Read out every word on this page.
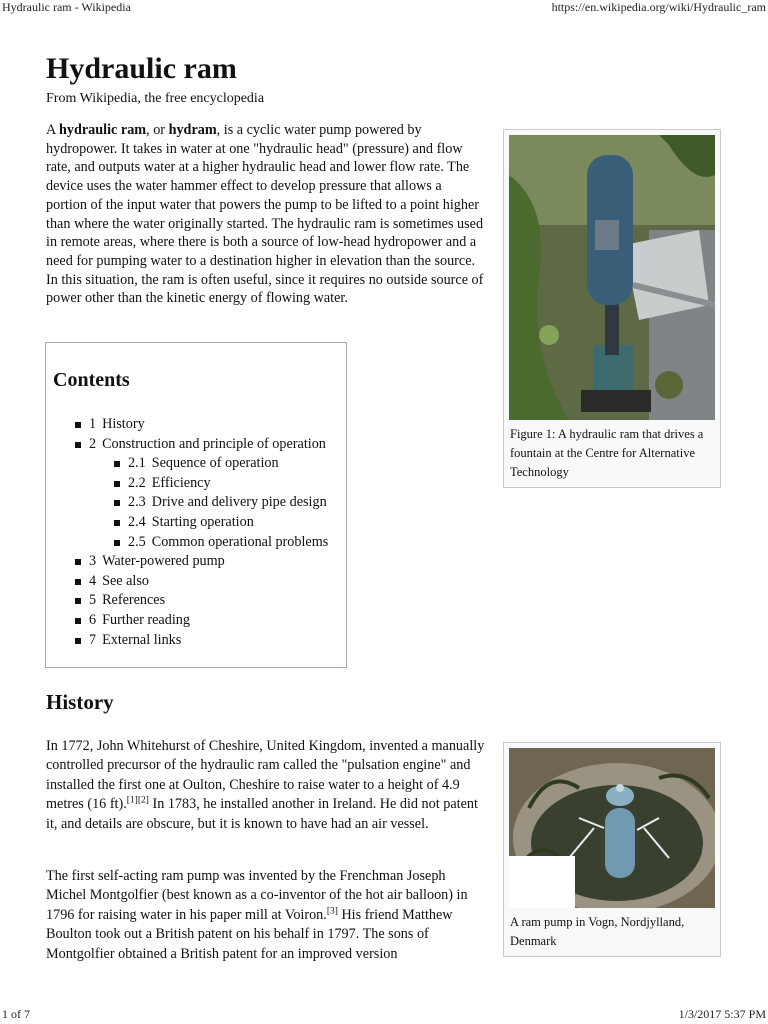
Hydraulic ram - Wikipedia	https://en.wikipedia.org/wiki/Hydraulic_ram
Hydraulic ram
From Wikipedia, the free encyclopedia

A hydraulic ram, or hydram, is a cyclic water pump powered by hydropower. It takes in water at one "hydraulic head" (pressure) and flow rate, and outputs water at a higher hydraulic head and lower flow rate. The device uses the water hammer effect to develop pressure that allows a portion of the input water that powers the pump to be lifted to a point higher than where the water originally started. The hydraulic ram is sometimes used in remote areas, where there is both a source of low-head hydropower and a need for pumping water to a destination higher in elevation than the source. In this situation, the ram is often useful, since it requires no outside source of power other than the kinetic energy of flowing water.

Contents
1 History
2 Construction and principle of operation
2.1 Sequence of operation
2.2 Efficiency
2.3 Drive and delivery pipe design
2.4 Starting operation
2.5 Common operational problems
3 Water-powered pump
4 See also
5 References
6 Further reading
7 External links
Figure 1: A hydraulic ram that drives a fountain at the Centre for Alternative Technology
History

In 1772, John Whitehurst of Cheshire, United Kingdom, invented a manually controlled precursor of the hydraulic ram called the "pulsation engine" and installed the first one at Oulton, Cheshire to raise water to a height of 4.9 metres (16 ft).[1][2] In 1783, he installed another in Ireland. He did not patent it, and details are obscure, but it is known to have had an air vessel.

The first self-acting ram pump was invented by the Frenchman Joseph Michel Montgolfier (best known as a co-inventor of the hot air balloon) in 1796 for raising water in his paper mill at Voiron.[3] His friend Matthew Boulton took out a British patent on his behalf in 1797. The sons of Montgolfier obtained a British patent for an improved version

A ram pump in Vogn, Nordjylland, Denmark
1 of 7	1/3/2017 5:37 PM
